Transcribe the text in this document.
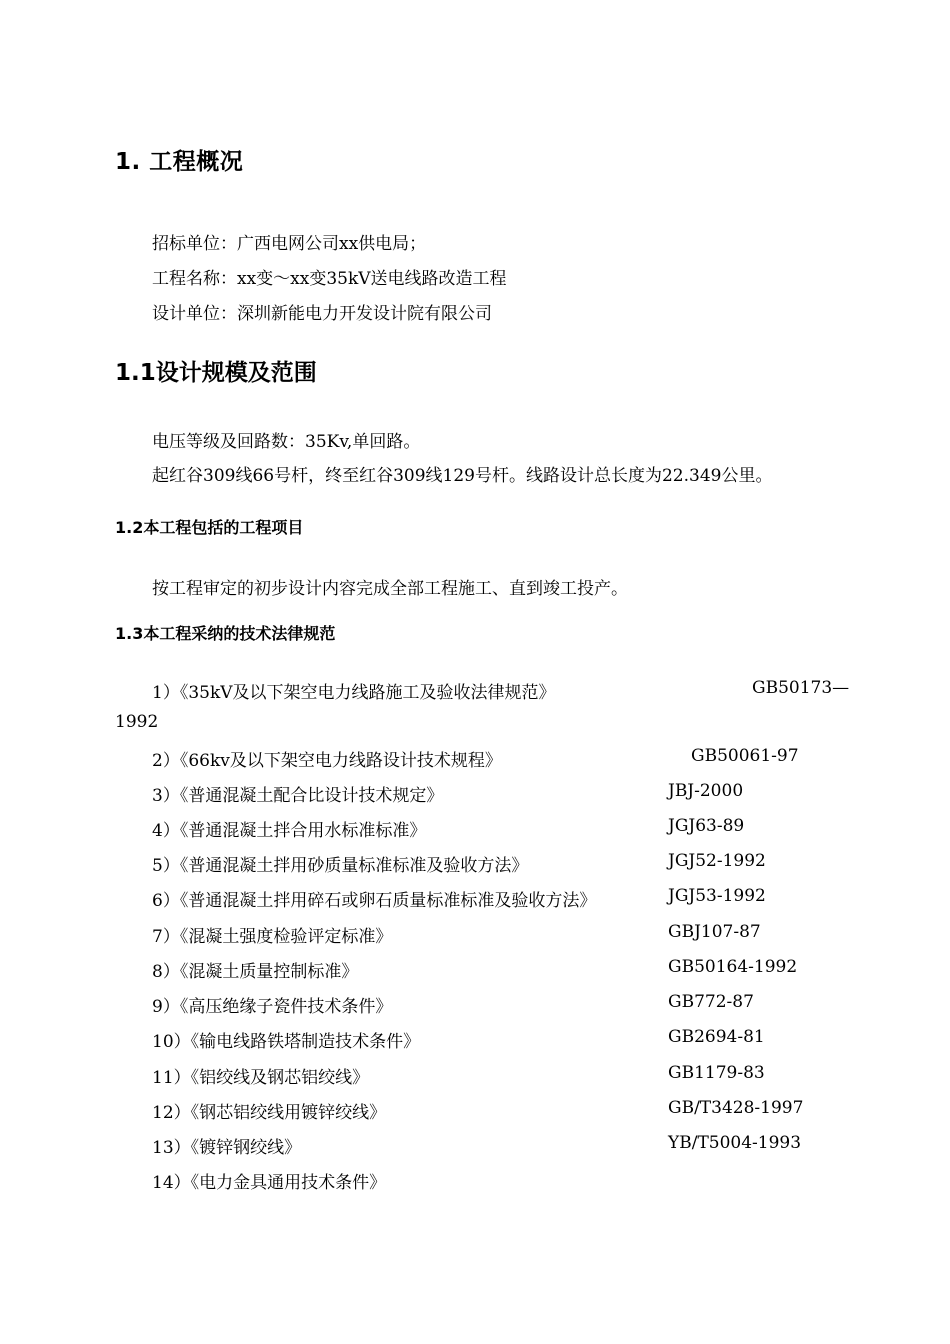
1. 工程概况
招标单位：广西电网公司xx供电局；
工程名称：xx变～xx变35kV送电线路改造工程
设计单位：深圳新能电力开发设计院有限公司
1.1设计规模及范围
电压等级及回路数：35Kv,单回路。
起红谷309线66号杆，终至红谷309线129号杆。线路设计总长度为22.349公里。
1.2本工程包括的工程项目
按工程审定的初步设计内容完成全部工程施工、直到竣工投产。
1.3本工程采纳的技术法律规范
1）《35kV及以下架空电力线路施工及验收法律规范》	GB50173—
1992
2）《66kv及以下架空电力线路设计技术规程》	GB50061-97
3）《普通混凝土配合比设计技术规定》	JBJ-2000
4）《普通混凝土拌合用水标准标准》	JGJ63-89
5）《普通混凝土拌用砂质量标准标准及验收方法》	JGJ52-1992
6）《普通混凝土拌用碎石或卵石质量标准标准及验收方法》	JGJ53-1992
7）《混凝土强度检验评定标准》	GBJ107-87
8）《混凝土质量控制标准》	GB50164-1992
9）《高压绝缘子瓷件技术条件》	GB772-87
10）《输电线路铁塔制造技术条件》	GB2694-81
11）《铝绞线及钢芯铝绞线》	GB1179-83
12）《钢芯铝绞线用镀锌绞线》	GB/T3428-1997
13）《镀锌钢绞线》	YB/T5004-1993
14）《电力金具通用技术条件》
